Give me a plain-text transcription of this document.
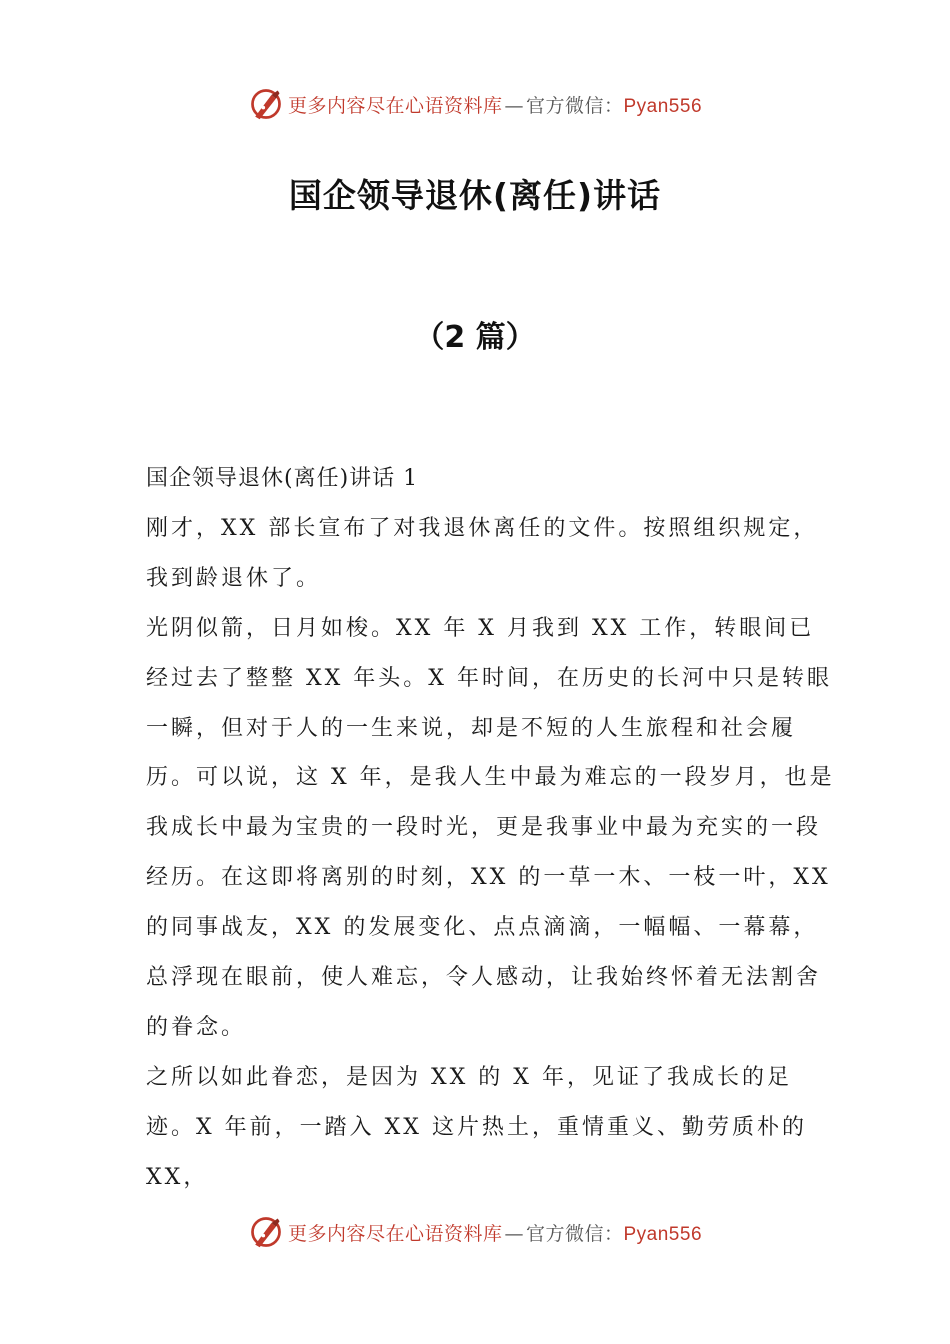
更多内容尽在心语资料库 — 官方微信：Pyan556
国企领导退休(离任)讲话
（2 篇）

国企领导退休(离任)讲话 1

刚才，XX 部长宣布了对我退休离任的文件。按照组织规定，我到龄退休了。

光阴似箭，日月如梭。XX 年 X 月我到 XX 工作，转眼间已经过去了整整 XX 年头。X 年时间，在历史的长河中只是转眼一瞬，但对于人的一生来说，却是不短的人生旅程和社会履历。可以说，这 X 年，是我人生中最为难忘的一段岁月，也是我成长中最为宝贵的一段时光，更是我事业中最为充实的一段经历。在这即将离别的时刻，XX 的一草一木、一枝一叶，XX 的同事战友，XX 的发展变化、点点滴滴，一幅幅、一幕幕，总浮现在眼前，使人难忘，令人感动，让我始终怀着无法割舍的眷念。

之所以如此眷恋，是因为 XX 的 X 年，见证了我成长的足迹。X 年前，一踏入 XX 这片热土，重情重义、勤劳质朴的 XX，

更多内容尽在心语资料库 — 官方微信：Pyan556
